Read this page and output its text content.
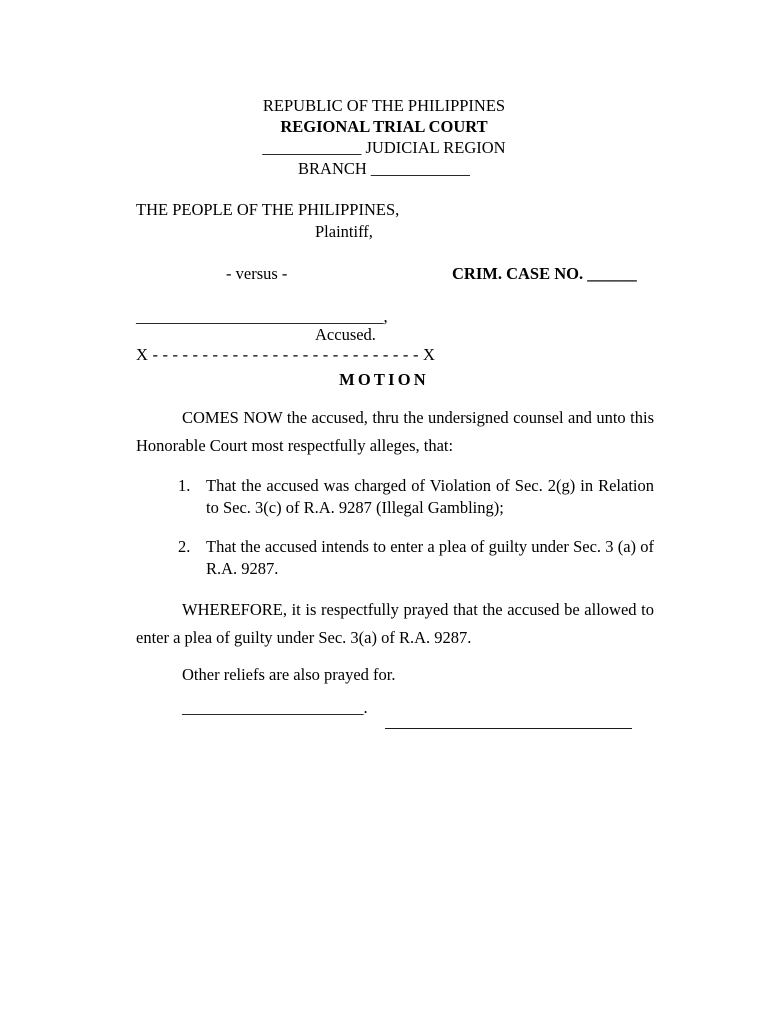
REPUBLIC OF THE PHILIPPINES
REGIONAL TRIAL COURT
____________ JUDICIAL REGION
BRANCH ____________
THE PEOPLE OF THE PHILIPPINES,
Plaintiff,
- versus -	CRIM. CASE NO. ______
______________________________,
Accused.
X - - - - - - - - - - - - - - - - - - - - - - - - - - - X
MOTION

COMES NOW the accused, thru the undersigned counsel and unto this Honorable Court most respectfully alleges, that:

1. That the accused was charged of Violation of Sec. 2(g) in Relation to Sec. 3(c) of R.A. 9287 (Illegal Gambling);
2. That the accused intends to enter a plea of guilty under Sec. 3 (a) of R.A. 9287.

WHEREFORE, it is respectfully prayed that the accused be allowed to enter a plea of guilty under Sec. 3(a) of R.A. 9287.

Other reliefs are also prayed for.

______________________.
